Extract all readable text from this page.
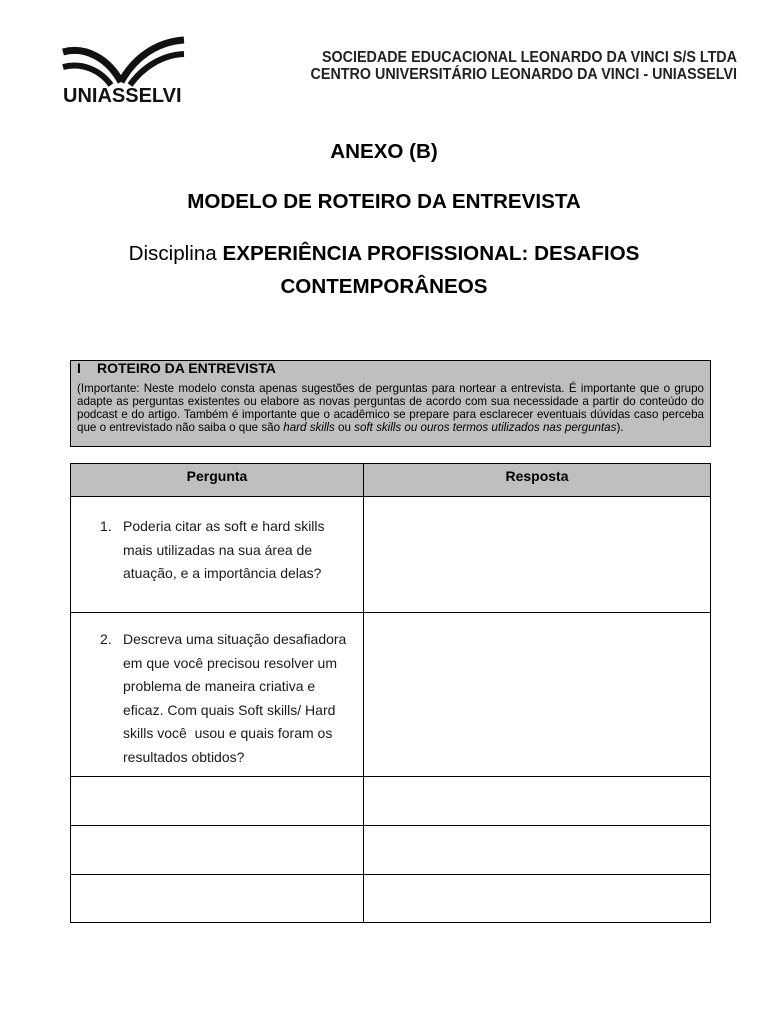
UNIASSELVI
SOCIEDADE EDUCACIONAL LEONARDO DA VINCI S/S LTDA
CENTRO UNIVERSITÁRIO LEONARDO DA VINCI - UNIASSELVI
ANEXO (B)
MODELO DE ROTEIRO DA ENTREVISTA
Disciplina EXPERIÊNCIA PROFISSIONAL: DESAFIOS CONTEMPORÂNEOS
I ROTEIRO DA ENTREVISTA

(Importante: Neste modelo consta apenas sugestões de perguntas para nortear a entrevista. É importante que o grupo adapte as perguntas existentes ou elabore as novas perguntas de acordo com sua necessidade a partir do conteúdo do podcast e do artigo. Também é importante que o acadêmico se prepare para esclarecer eventuais dúvidas caso perceba que o entrevistado não saiba o que são hard skills ou soft skills ou ouros termos utilizados nas perguntas).

Pergunta	Resposta
1. Poderia citar as soft e hard skills mais utilizadas na sua área de atuação, e a importância delas?
2. Descreva uma situação desafiadora em que você precisou resolver um problema de maneira criativa e eficaz. Com quais Soft skills/ Hard skills você  usou e quais foram os resultados obtidos?
